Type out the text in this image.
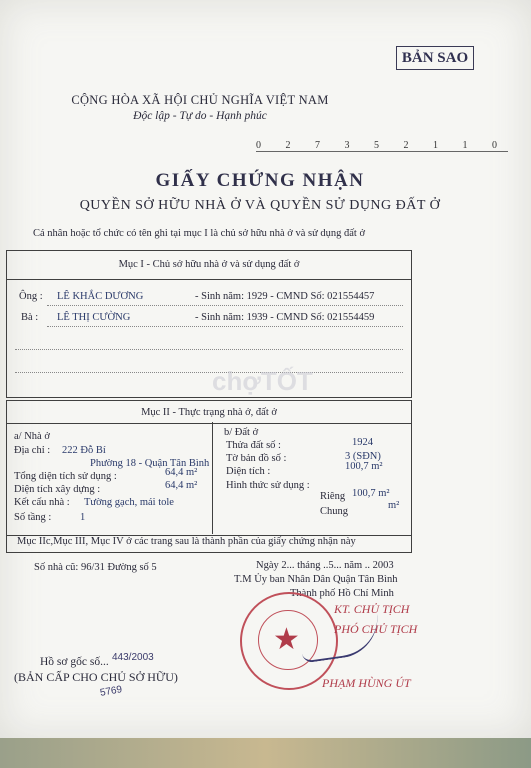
BẢN SAO
CỘNG HÒA XÃ HỘI CHỦ NGHĨA VIỆT NAM
Độc lập - Tự do - Hạnh phúc
0 2 7 3 5 2 1 1 0
GIẤY CHỨNG NHẬN
QUYỀN SỞ HỮU NHÀ Ở VÀ QUYỀN SỬ DỤNG ĐẤT Ở
Cá nhân hoặc tổ chức có tên ghi tại mục I là chủ sở hữu nhà ở và sử dụng đất ở
Mục I - Chủ sở hữu nhà ở và sử dụng đất ở
Ông : LÊ KHẮC DƯƠNG	- Sinh năm: 1929 - CMND Số: 021554457
Bà : LÊ THỊ CƯỜNG	- Sinh năm: 1939 - CMND Số: 021554459
chợTỐT
Mục II - Thực trạng nhà ở, đất ở
a/ Nhà ở
Địa chỉ : 222 Đỗ Bí
Phường 18 - Quận Tân Bình
Tổng diện tích sử dụng :	64,4 m²
Diện tích xây dựng :	64,4 m²
Kết cấu nhà : Tường gạch, mái tole
Số tầng :	1
b/ Đất ở
Thửa đất số :	1924
Tờ bản đồ số :	3 (SĐN)
Diện tích :	100,7 m²
Hình thức sử dụng :
Riêng 100,7 m²
Chung
m²
Mục IIc,Mục III, Mục IV ở các trang sau là thành phần của giấy chứng nhận này
Số nhà cũ: 96/31 Đường số 5	Ngày 2... tháng ..5... năm .. 2003
T.M Ủy ban Nhân Dân Quận Tân Bình
Thành phố Hồ Chí Minh
★
KT. CHỦ TỊCH
PHÓ CHỦ TỊCH
PHẠM HÙNG ÚT
Hồ sơ gốc số... 443/2003
(BẢN CẤP CHO CHỦ SỞ HỮU)
5769
